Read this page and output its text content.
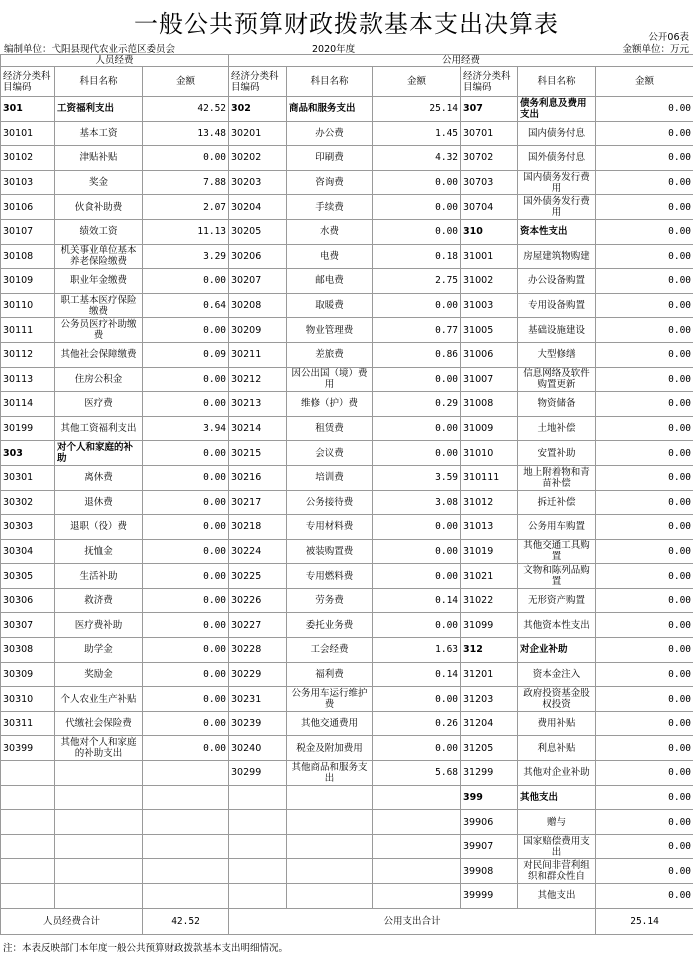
一般公共预算财政拨款基本支出决算表	公开06表
编制单位：弋阳县现代农业示范区委员会	2020年度	金额单位：万元
人员经费			公用经费					
经济分类科目编码	科目名称	金额	经济分类科目编码	科目名称	金额	经济分类科目编码	科目名称	金额
301	工资福利支出	42.52	302	商品和服务支出	25.14	307	债务利息及费用支出	0.00
30101	基本工资	13.48	30201	办公费	1.45	30701	国内债务付息	0.00
30102	津贴补贴	0.00	30202	印刷费	4.32	30702	国外债务付息	0.00
30103	奖金	7.88	30203	咨询费	0.00	30703	国内债务发行费用	0.00
30106	伙食补助费	2.07	30204	手续费	0.00	30704	国外债务发行费用	0.00
30107	绩效工资	11.13	30205	水费	0.00	310	资本性支出	0.00
30108	机关事业单位基本养老保险缴费	3.29	30206	电费	0.18	31001	房屋建筑物购建	0.00
30109	职业年金缴费	0.00	30207	邮电费	2.75	31002	办公设备购置	0.00
30110	职工基本医疗保险缴费	0.64	30208	取暖费	0.00	31003	专用设备购置	0.00
30111	公务员医疗补助缴费	0.00	30209	物业管理费	0.77	31005	基础设施建设	0.00
30112	其他社会保障缴费	0.09	30211	差旅费	0.86	31006	大型修缮	0.00
30113	住房公积金	0.00	30212	因公出国（境）费用	0.00	31007	信息网络及软件购置更新	0.00
30114	医疗费	0.00	30213	维修（护）费	0.29	31008	物资储备	0.00
30199	其他工资福利支出	3.94	30214	租赁费	0.00	31009	土地补偿	0.00
303	对个人和家庭的补助	0.00	30215	会议费	0.00	31010	安置补助	0.00
30301	离休费	0.00	30216	培训费	3.59	310111	地上附着物和青苗补偿	0.00
30302	退休费	0.00	30217	公务接待费	3.08	31012	拆迁补偿	0.00
30303	退职（役）费	0.00	30218	专用材料费	0.00	31013	公务用车购置	0.00
30304	抚恤金	0.00	30224	被装购置费	0.00	31019	其他交通工具购置	0.00
30305	生活补助	0.00	30225	专用燃料费	0.00	31021	文物和陈列品购置	0.00
30306	救济费	0.00	30226	劳务费	0.14	31022	无形资产购置	0.00
30307	医疗费补助	0.00	30227	委托业务费	0.00	31099	其他资本性支出	0.00
30308	助学金	0.00	30228	工会经费	1.63	312	对企业补助	0.00
30309	奖励金	0.00	30229	福利费	0.14	31201	资本金注入	0.00
30310	个人农业生产补贴	0.00	30231	公务用车运行维护费	0.00	31203	政府投资基金股权投资	0.00
30311	代缴社会保险费	0.00	30239	其他交通费用	0.26	31204	费用补贴	0.00
30399	其他对个人和家庭的补助支出	0.00	30240	税金及附加费用	0.00	31205	利息补贴	0.00
			30299	其他商品和服务支出	5.68	31299	其他对企业补助	0.00
						399	其他支出	0.00
						39906	赠与	0.00
						39907	国家赔偿费用支出	0.00
						39908	对民间非营利组织和群众性自	0.00
						39999	其他支出	0.00
人员经费合计		42.52	公用支出合计					25.14
注：本表反映部门本年度一般公共预算财政拨款基本支出明细情况。
